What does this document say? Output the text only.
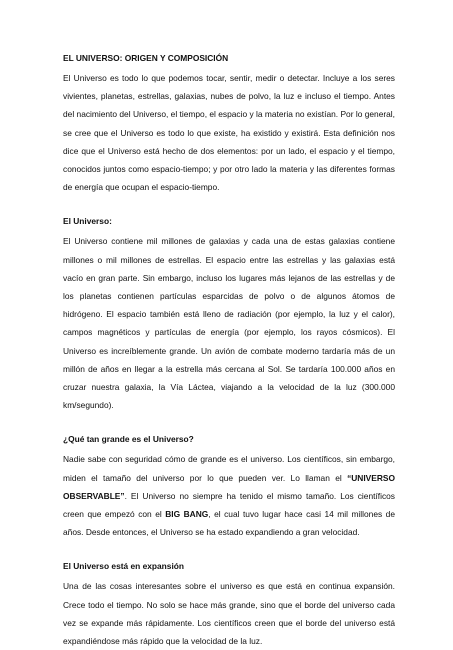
EL UNIVERSO: ORIGEN Y COMPOSICIÓN

El Universo es todo lo que podemos tocar, sentir, medir o detectar. Incluye a los seres vivientes, planetas, estrellas, galaxias, nubes de polvo, la luz e incluso el tiempo. Antes del nacimiento del Universo, el tiempo, el espacio y la materia no existían. Por lo general, se cree que el Universo es todo lo que existe, ha existido y existirá. Esta definición nos dice que el Universo está hecho de dos elementos: por un lado, el espacio y el tiempo, conocidos juntos como espacio-tiempo; y por otro lado la materia y las diferentes formas de energía que ocupan el espacio-tiempo.

El Universo:

El Universo contiene mil millones de galaxias y cada una de estas galaxias contiene millones o mil millones de estrellas. El espacio entre las estrellas y las galaxias está vacío en gran parte. Sin embargo, incluso los lugares más lejanos de las estrellas y de los planetas contienen partículas esparcidas de polvo o de algunos átomos de hidrógeno. El espacio también está lleno de radiación (por ejemplo, la luz y el calor), campos magnéticos y partículas de energía (por ejemplo, los rayos cósmicos). El Universo es increíblemente grande. Un avión de combate moderno tardaría más de un millón de años en llegar a la estrella más cercana al Sol. Se tardaría 100.000 años en cruzar nuestra galaxia, la Vía Láctea, viajando a la velocidad de la luz (300.000 km/segundo).

¿Qué tan grande es el Universo?

Nadie sabe con seguridad cómo de grande es el universo. Los científicos, sin embargo, miden el tamaño del universo por lo que pueden ver. Lo llaman el “UNIVERSO OBSERVABLE”. El Universo no siempre ha tenido el mismo tamaño. Los científicos creen que empezó con el BIG BANG, el cual tuvo lugar hace casi 14 mil millones de años. Desde entonces, el Universo se ha estado expandiendo a gran velocidad.

El Universo está en expansión

Una de las cosas interesantes sobre el universo es que está en continua expansión. Crece todo el tiempo. No solo se hace más grande, sino que el borde del universo cada vez se expande más rápidamente. Los científicos creen que el borde del universo está expandiéndose más rápido que la velocidad de la luz.
